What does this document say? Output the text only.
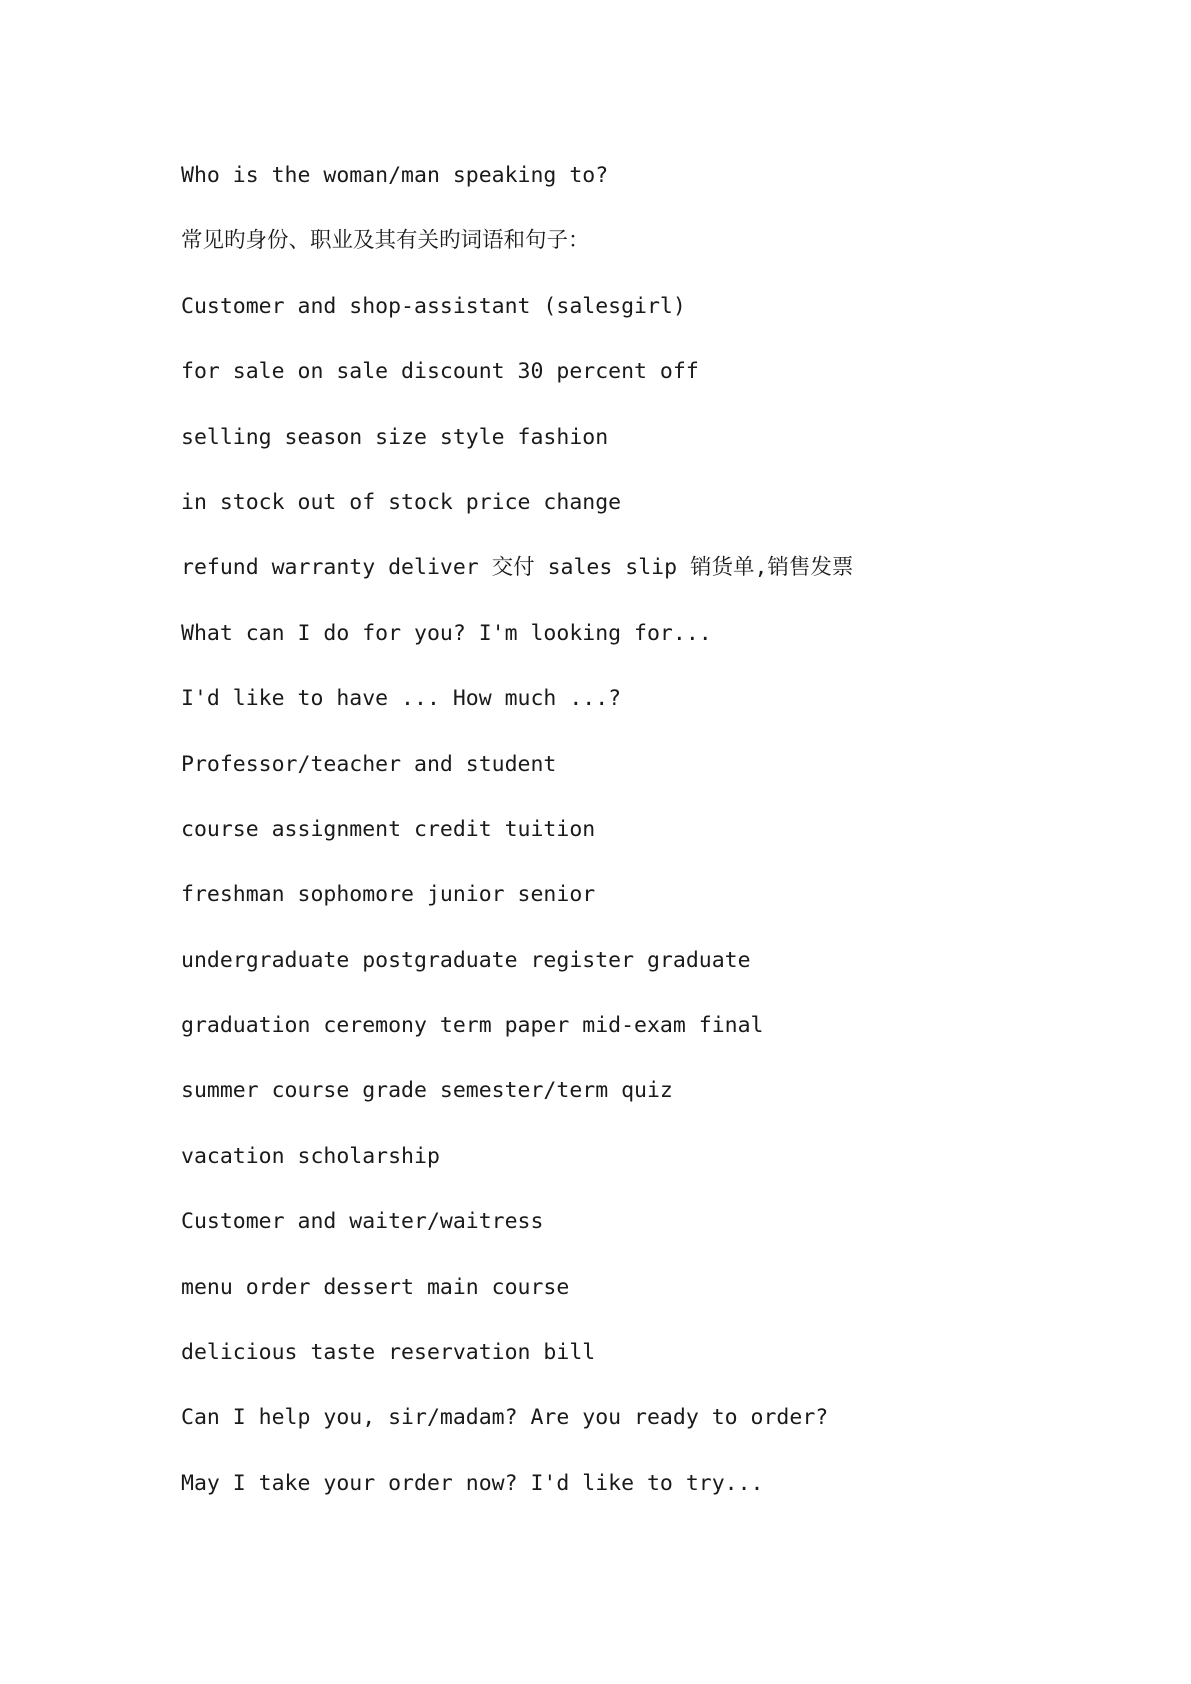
Who is the woman/man speaking to?
常见旳身份、职业及其有关旳词语和句子：
Customer and shop-assistant (salesgirl)
for sale on sale discount 30 percent off
selling season size style fashion
in stock out of stock price change
refund warranty deliver 交付 sales slip 销货单,销售发票
What can I do for you? I'm looking for...
I'd like to have ... How much ...?
Professor/teacher and student
course assignment credit tuition
freshman sophomore junior senior
undergraduate postgraduate register graduate
graduation ceremony term paper mid-exam final
summer course grade semester/term quiz
vacation scholarship
Customer and waiter/waitress
menu order dessert main course
delicious taste reservation bill
Can I help you, sir/madam? Are you ready to order?
May I take your order now? I'd like to try...
